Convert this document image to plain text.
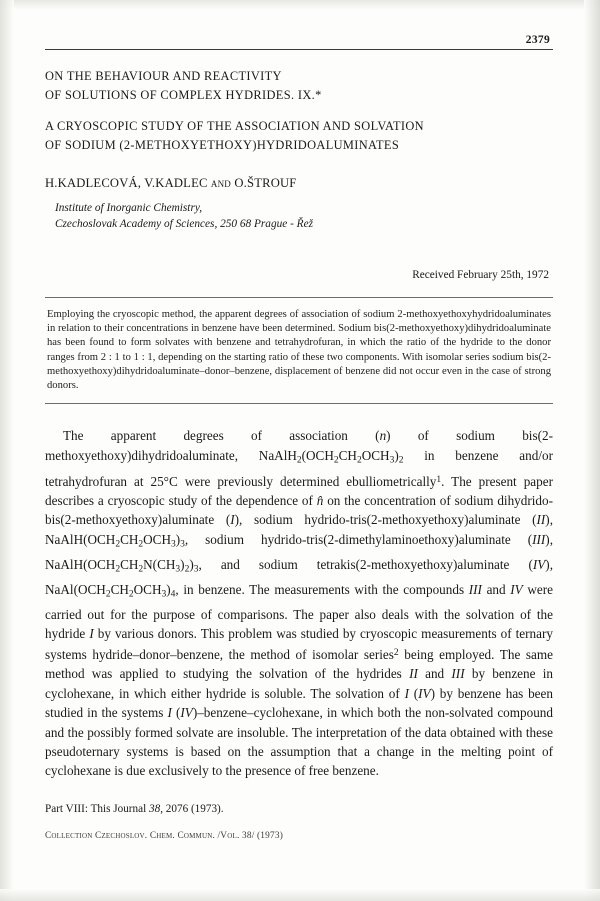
2379
ON THE BEHAVIOUR AND REACTIVITY
OF SOLUTIONS OF COMPLEX HYDRIDES. IX.*
A CRYOSCOPIC STUDY OF THE ASSOCIATION AND SOLVATION
OF SODIUM (2-METHOXYETHOXY)HYDRIDOALUMINATES
H.KADLECOVÁ, V.KADLEC and O.ŠTROUF
Institute of Inorganic Chemistry,
Czechoslovak Academy of Sciences, 250 68 Prague - Řež
Received February 25th, 1972
Employing the cryoscopic method, the apparent degrees of association of sodium 2-methoxyethoxyhydridoaluminates in relation to their concentrations in benzene have been determined. Sodium bis(2-methoxyethoxy)dihydridoaluminate has been found to form solvates with benzene and tetrahydrofuran, in which the ratio of the hydride to the donor ranges from 2 : 1 to 1 : 1, depending on the starting ratio of these two components. With isomolar series sodium bis(2-methoxyethoxy)dihydridoaluminate–donor–benzene, displacement of benzene did not occur even in the case of strong donors.
The apparent degrees of association (n) of sodium bis(2-methoxyethoxy)dihydridoaluminate, $NaAlH_2(OCH_2CH_2OCH_3)_2$ in benzene and/or tetrahydrofuran at 25°C were previously determined ebulliometrically$^1$. The present paper describes a cryoscopic study of the dependence of n̂ on the concentration of sodium dihydrido-bis(2-methoxyethoxy)aluminate (I), sodium hydrido-tris(2-methoxyethoxy)aluminate (II), $NaAlH(OCH_2CH_2OCH_3)_3$, sodium hydrido-tris(2-dimethylaminoethoxy)aluminate (III), $NaAlH(OCH_2CH_2N(CH_3)_2)_3$, and sodium tetrakis(2-methoxyethoxy)aluminate (IV), $NaAl(OCH_2CH_2OCH_3)_4$, in benzene. The measurements with the compounds III and IV were carried out for the purpose of comparisons. The paper also deals with the solvation of the hydride I by various donors. This problem was studied by cryoscopic measurements of ternary systems hydride–donor–benzene, the method of isomolar series$^2$ being employed. The same method was applied to studying the solvation of the hydrides II and III by benzene in cyclohexane, in which either hydride is soluble. The solvation of I (IV) by benzene has been studied in the systems I (IV)–benzene–cyclohexane, in which both the non-solvated compound and the possibly formed solvate are insoluble. The interpretation of the data obtained with these pseudoternary systems is based on the assumption that a change in the melting point of cyclohexane is due exclusively to the presence of free benzene.
Part VIII: This Journal 38, 2076 (1973).
Collection Czechoslov. Chem. Commun. /Vol. 38/ (1973)
